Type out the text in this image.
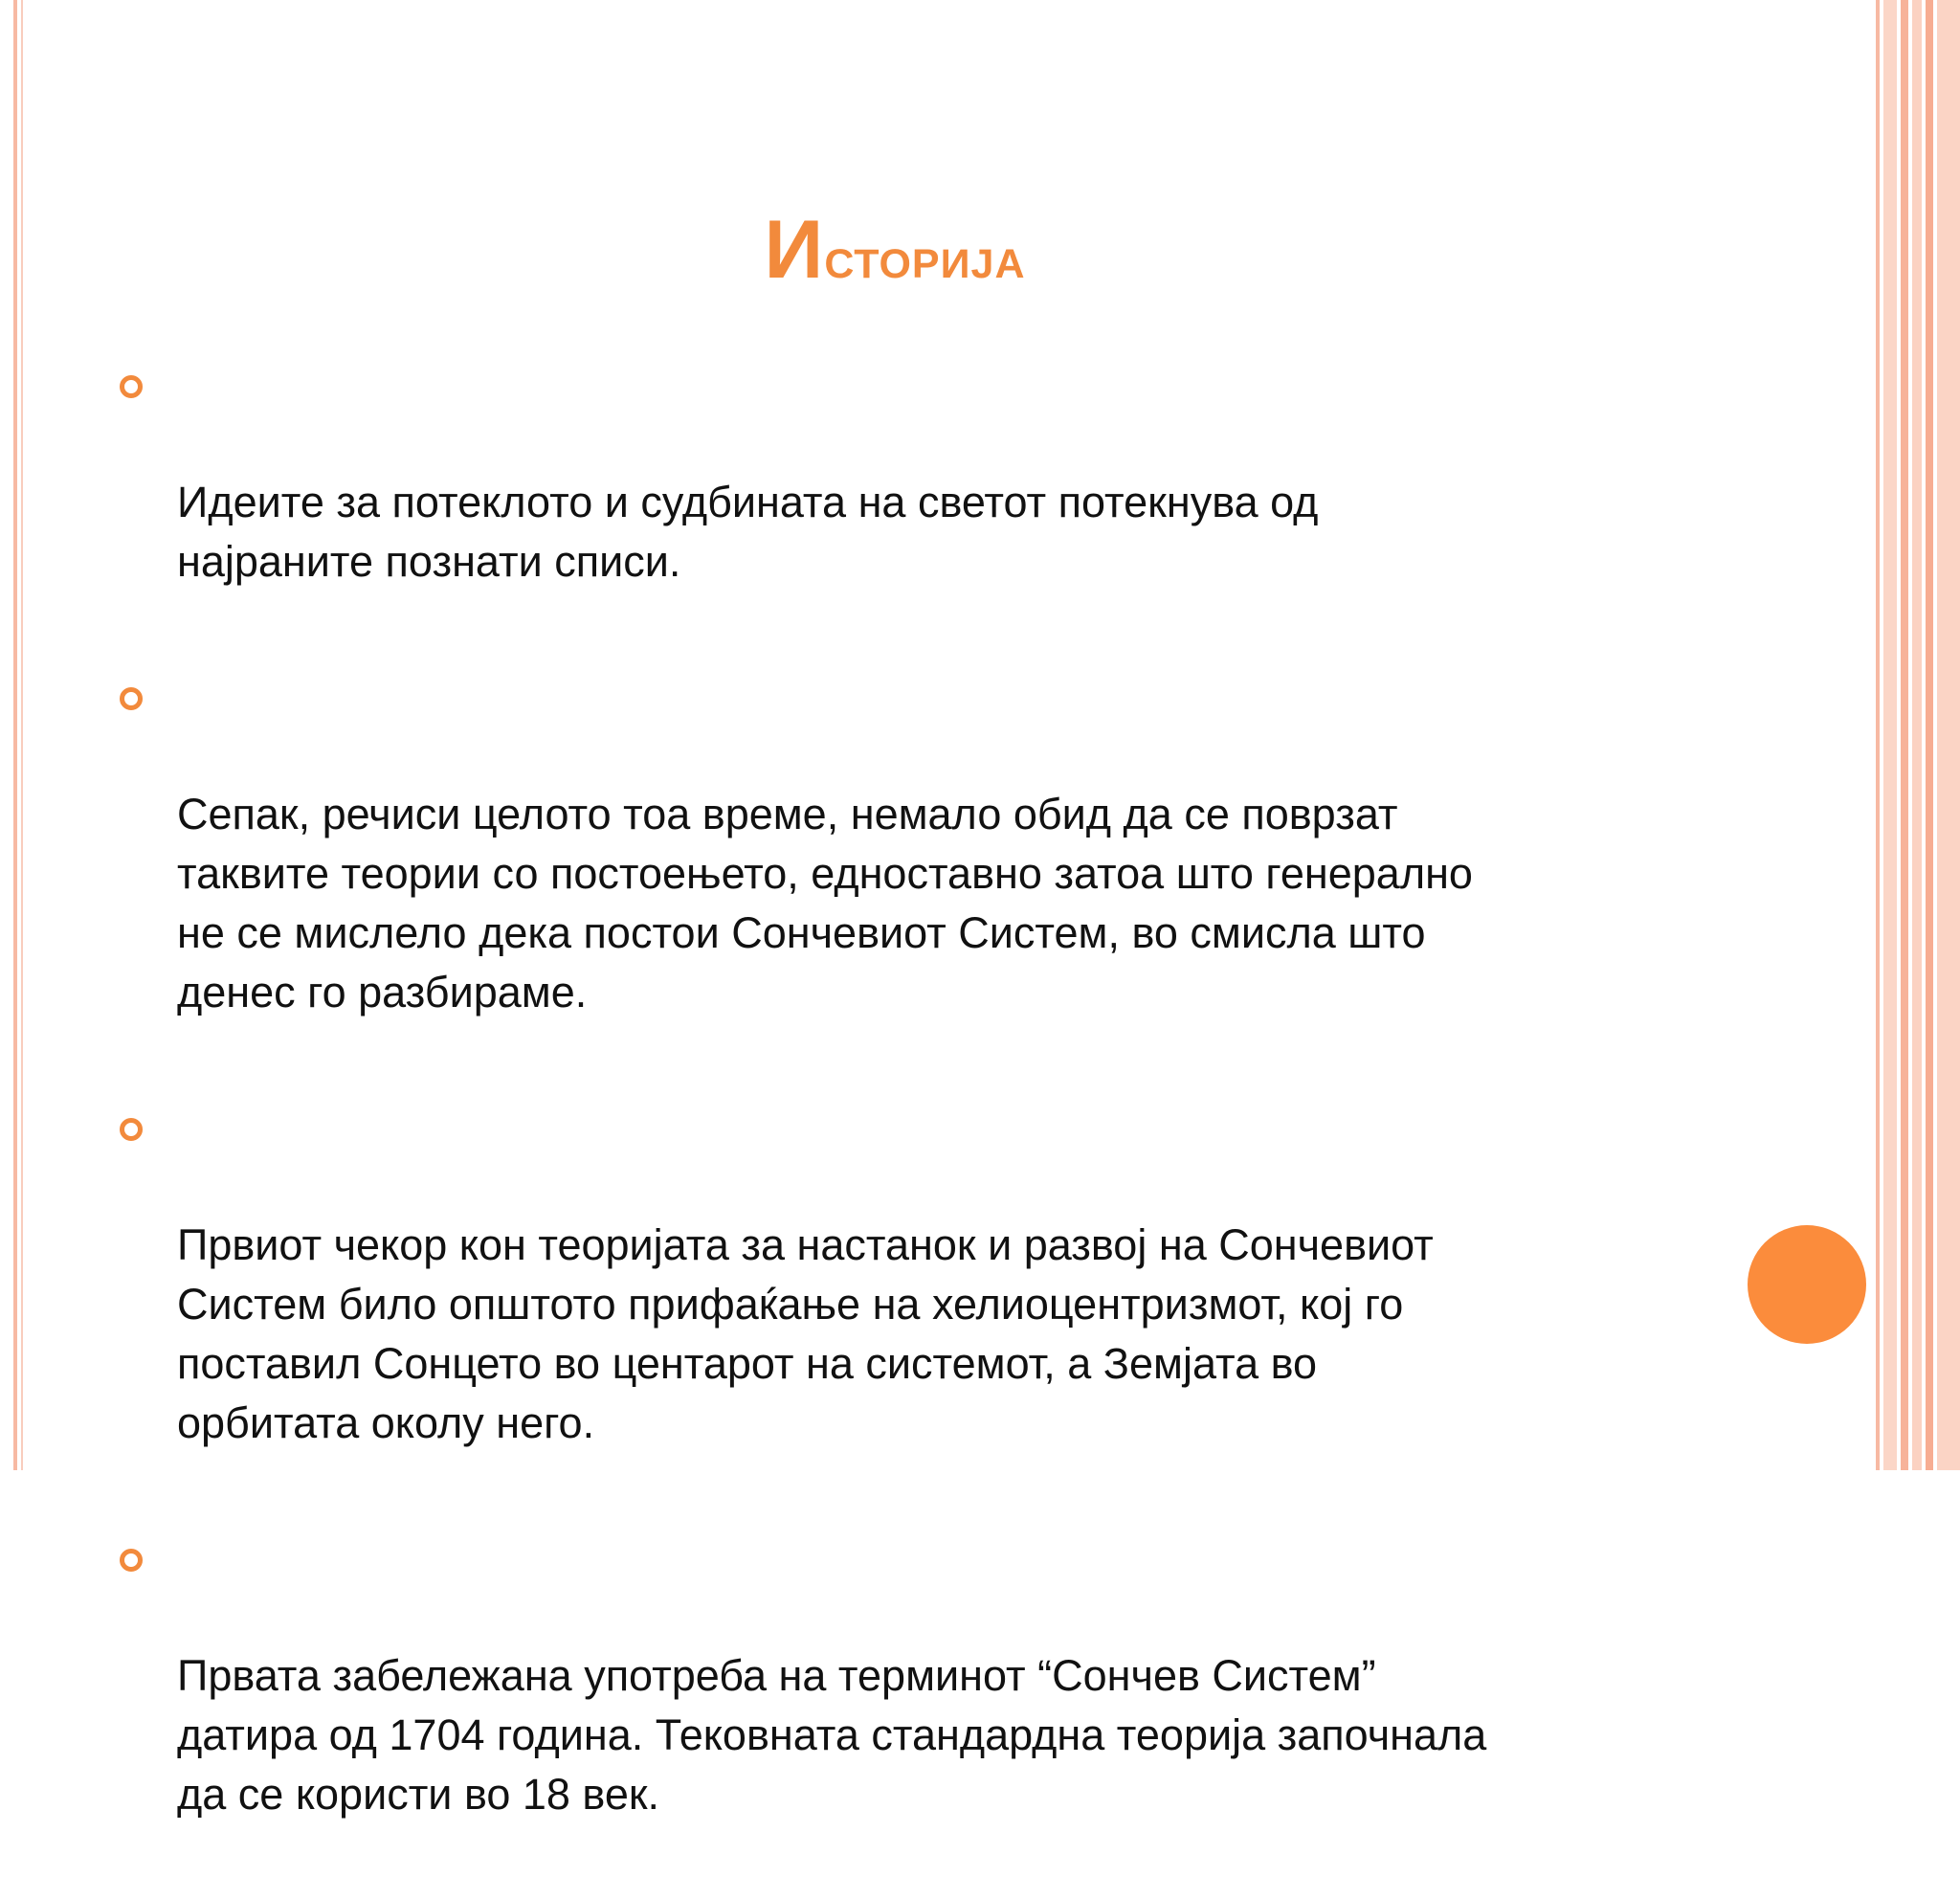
Историја

Идеите за потеклото и судбината на светот потекнува од
најраните познати списи.

Сепак, речиси целото тоа време, немало обид да се поврзат
таквите теории со постоењето, едноставно затоа што генерално
не се мислело дека постои Сончевиот Систем, во смисла што
денес го разбираме.

Првиот чекор кон теоријата за настанок и развој на Сончевиот
Систем било општото прифаќање на хелиоцентризмот, кој го
поставил Сонцето во центарот на системот, а Земјата во
орбитата околу него.

Првата забележана употреба на терминот “Сончев Систем”
датира од 1704 година. Тековната стандардна теорија започнала
да се користи во 18 век.
